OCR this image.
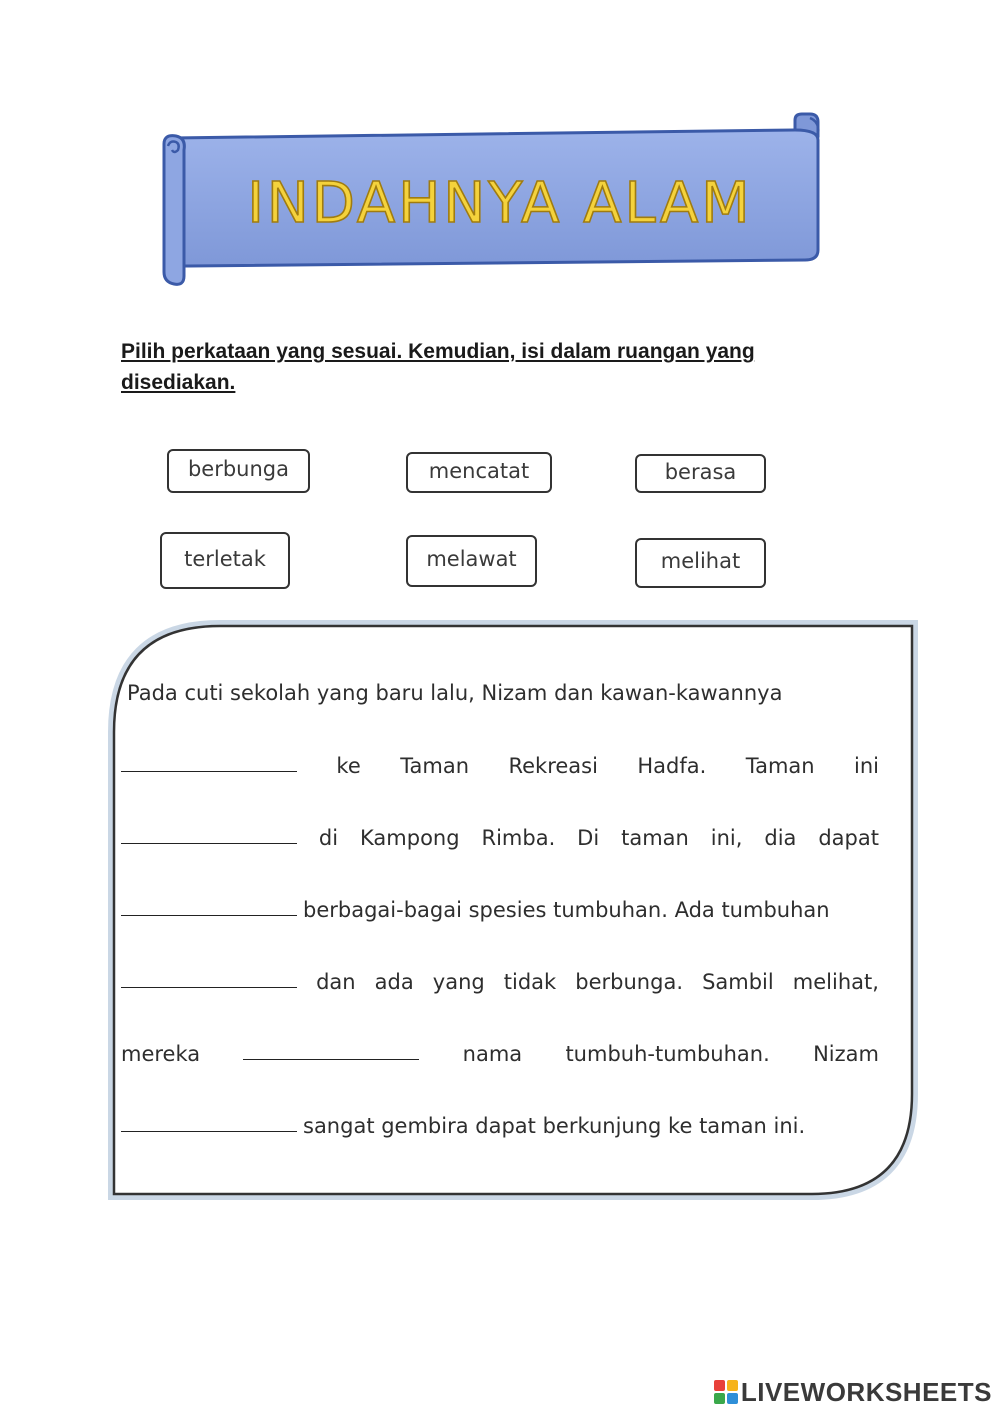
INDAHNYA ALAM
Pilih perkataan yang sesuai. Kemudian, isi dalam ruangan yang disediakan.
berbunga	mencatat	berasa
terletak	melawat	melihat
Pada cuti sekolah yang baru lalu, Nizam dan kawan-kawannya
ke Taman Rekreasi Hadfa. Taman ini
di Kampong Rimba. Di taman ini, dia dapat
berbagai-bagai spesies tumbuhan. Ada tumbuhan
dan ada yang tidak berbunga. Sambil melihat,
mereka	nama tumbuh-tumbuhan. Nizam
sangat gembira dapat berkunjung ke taman ini.
LIVEWORKSHEETS
